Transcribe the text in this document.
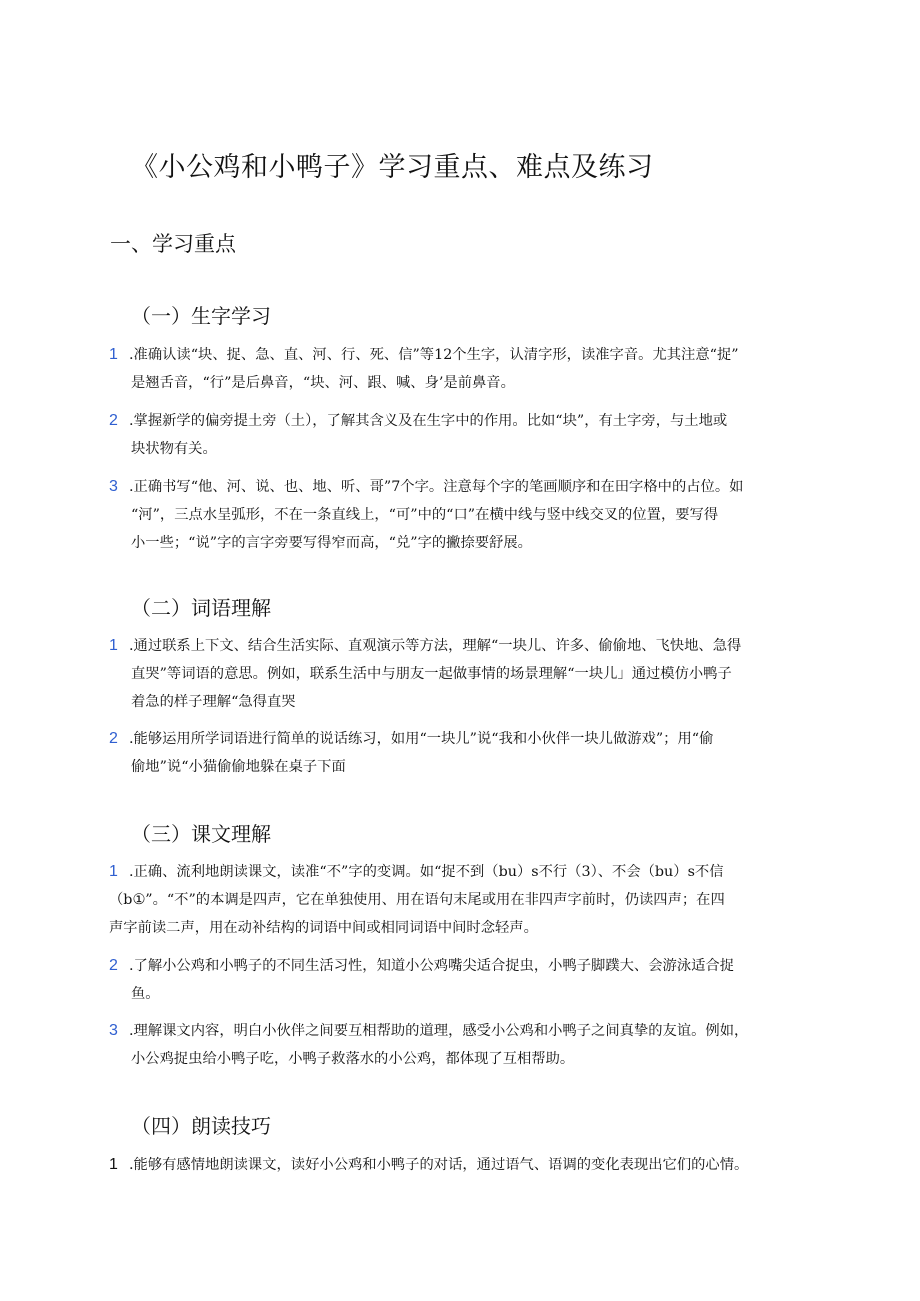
《小公鸡和小鸭子》学习重点、难点及练习
一、学习重点
（一）生字学习
1 .准确认读“块、捉、急、直、河、行、死、信”等12个生字，认清字形，读准字音。尤其注意“捉”
是翘舌音，“行”是后鼻音，“块、河、跟、喊、身’是前鼻音。
2 .掌握新学的偏旁提土旁（土），了解其含义及在生字中的作用。比如“块”，有土字旁，与土地或
块状物有关。
3 .正确书写“他、河、说、也、地、听、哥”7个字。注意每个字的笔画顺序和在田字格中的占位。如
“河”，三点水呈弧形，不在一条直线上，“可”中的“口”在横中线与竖中线交叉的位置，要写得
小一些；“说”字的言字旁要写得窄而高，“兑”字的撇捺要舒展。
（二）词语理解
1 .通过联系上下文、结合生活实际、直观演示等方法，理解“一块儿、许多、偷偷地、飞快地、急得
直哭”等词语的意思。例如，联系生活中与朋友一起做事情的场景理解“一块儿」通过模仿小鸭子
着急的样子理解“急得直哭
2 .能够运用所学词语进行简单的说话练习，如用“一块儿”说“我和小伙伴一块儿做游戏”；用“偷
偷地”说“小猫偷偷地躲在桌子下面
（三）课文理解
1 .正确、流利地朗读课文，读准“不”字的变调。如“捉不到（bu）s不行（3）、不会（bu）s不信
（b①”。“不”的本调是四声，它在单独使用、用在语句末尾或用在非四声字前时，仍读四声；在四
声字前读二声，用在动补结构的词语中间或相同词语中间时念轻声。
2 .了解小公鸡和小鸭子的不同生活习性，知道小公鸡嘴尖适合捉虫，小鸭子脚蹼大、会游泳适合捉
鱼。
3 .理解课文内容，明白小伙伴之间要互相帮助的道理，感受小公鸡和小鸭子之间真挚的友谊。例如，
小公鸡捉虫给小鸭子吃，小鸭子救落水的小公鸡，都体现了互相帮助。
（四）朗读技巧
1 .能够有感情地朗读课文，读好小公鸡和小鸭子的对话，通过语气、语调的变化表现出它们的心情。
